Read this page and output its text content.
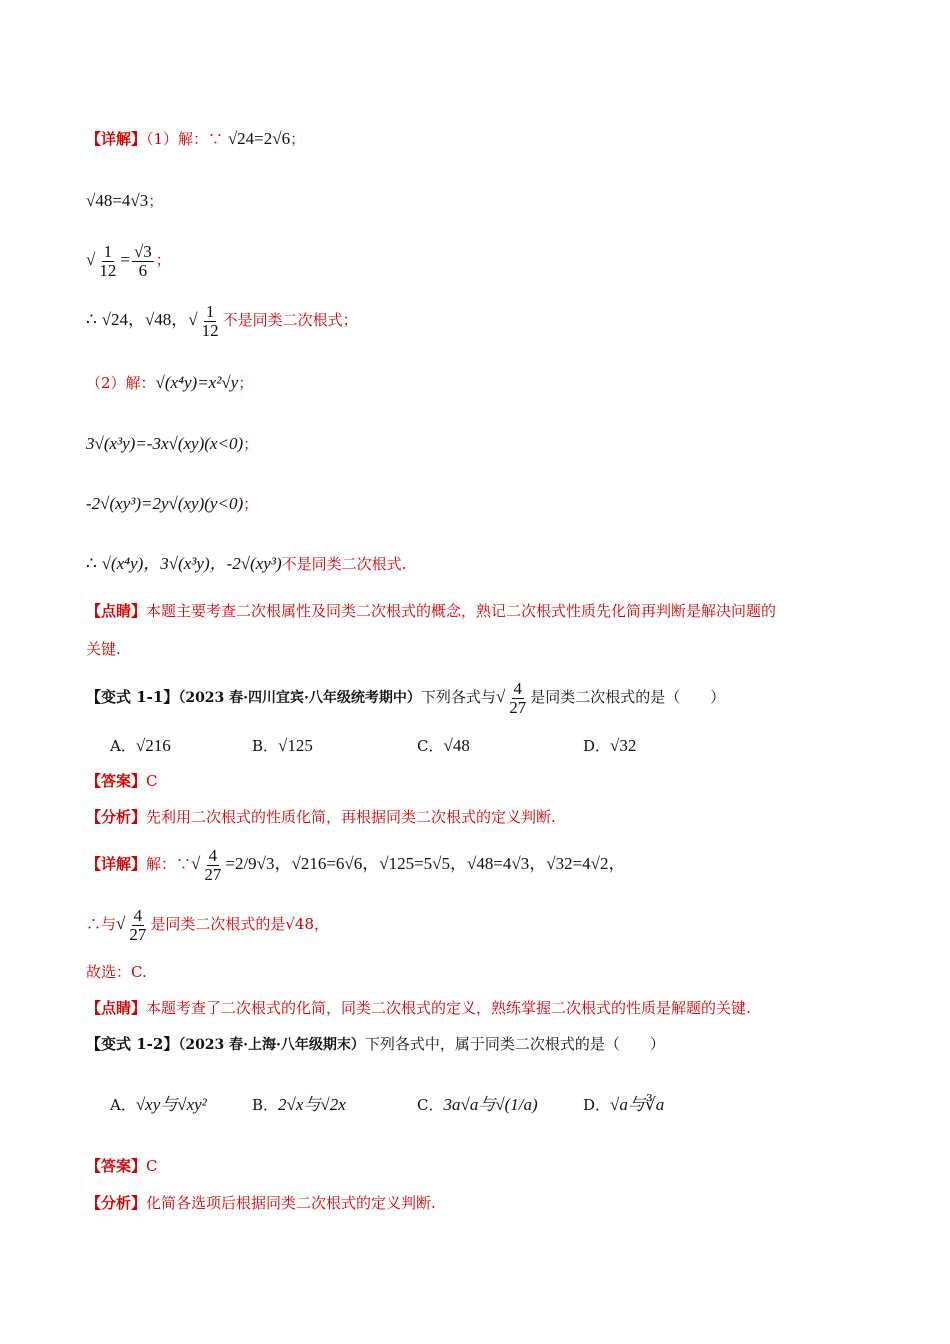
【详解】（1）解：∵ √24=2√6；
√48=4√3；
√ $\frac{1}{12} = \frac{√3}{6}$ ；
∴ √24，√48，√ $\frac{1}{12}$ 不是同类二次根式；
（2）解：√(x⁴y)=x²√y；
3√(x³y)=-3x√(xy)(x<0)；
-2√(xy³)=2y√(xy)(y<0)；
∴ √(x⁴y)，3√(x³y)，-2√(xy³)不是同类二次根式.
【点睛】本题主要考查二次根属性及同类二次根式的概念，熟记二次根式性质先化简再判断是解决问题的
关键.
【变式 1-1】（2023 春·四川宜宾·八年级统考期中）下列各式与√ $\frac{4}{27}$ 是同类二次根式的是（　　）
A．√216	B．√125	C．√48	D．√32
【答案】C
【分析】先利用二次根式的性质化简，再根据同类二次根式的定义判断.
【详解】解：∵√ $\frac{4}{27} =2/9√3$，√216=6√6，√125=5√5，√48=4√3，√32=4√2，
∴与√ $\frac{4}{27}$ 是同类二次根式的是√48，
故选：C.
【点睛】本题考查了二次根式的化简，同类二次根式的定义，熟练掌握二次根式的性质是解题的关键.
【变式 1-2】（2023 春·上海·八年级期末）下列各式中，属于同类二次根式的是（　　）
A．√xy与√xy²	B．2√x与√2x	C．3a√a与√(1/a)	D．√a与∛a
【答案】C
【分析】化简各选项后根据同类二次根式的定义判断.
